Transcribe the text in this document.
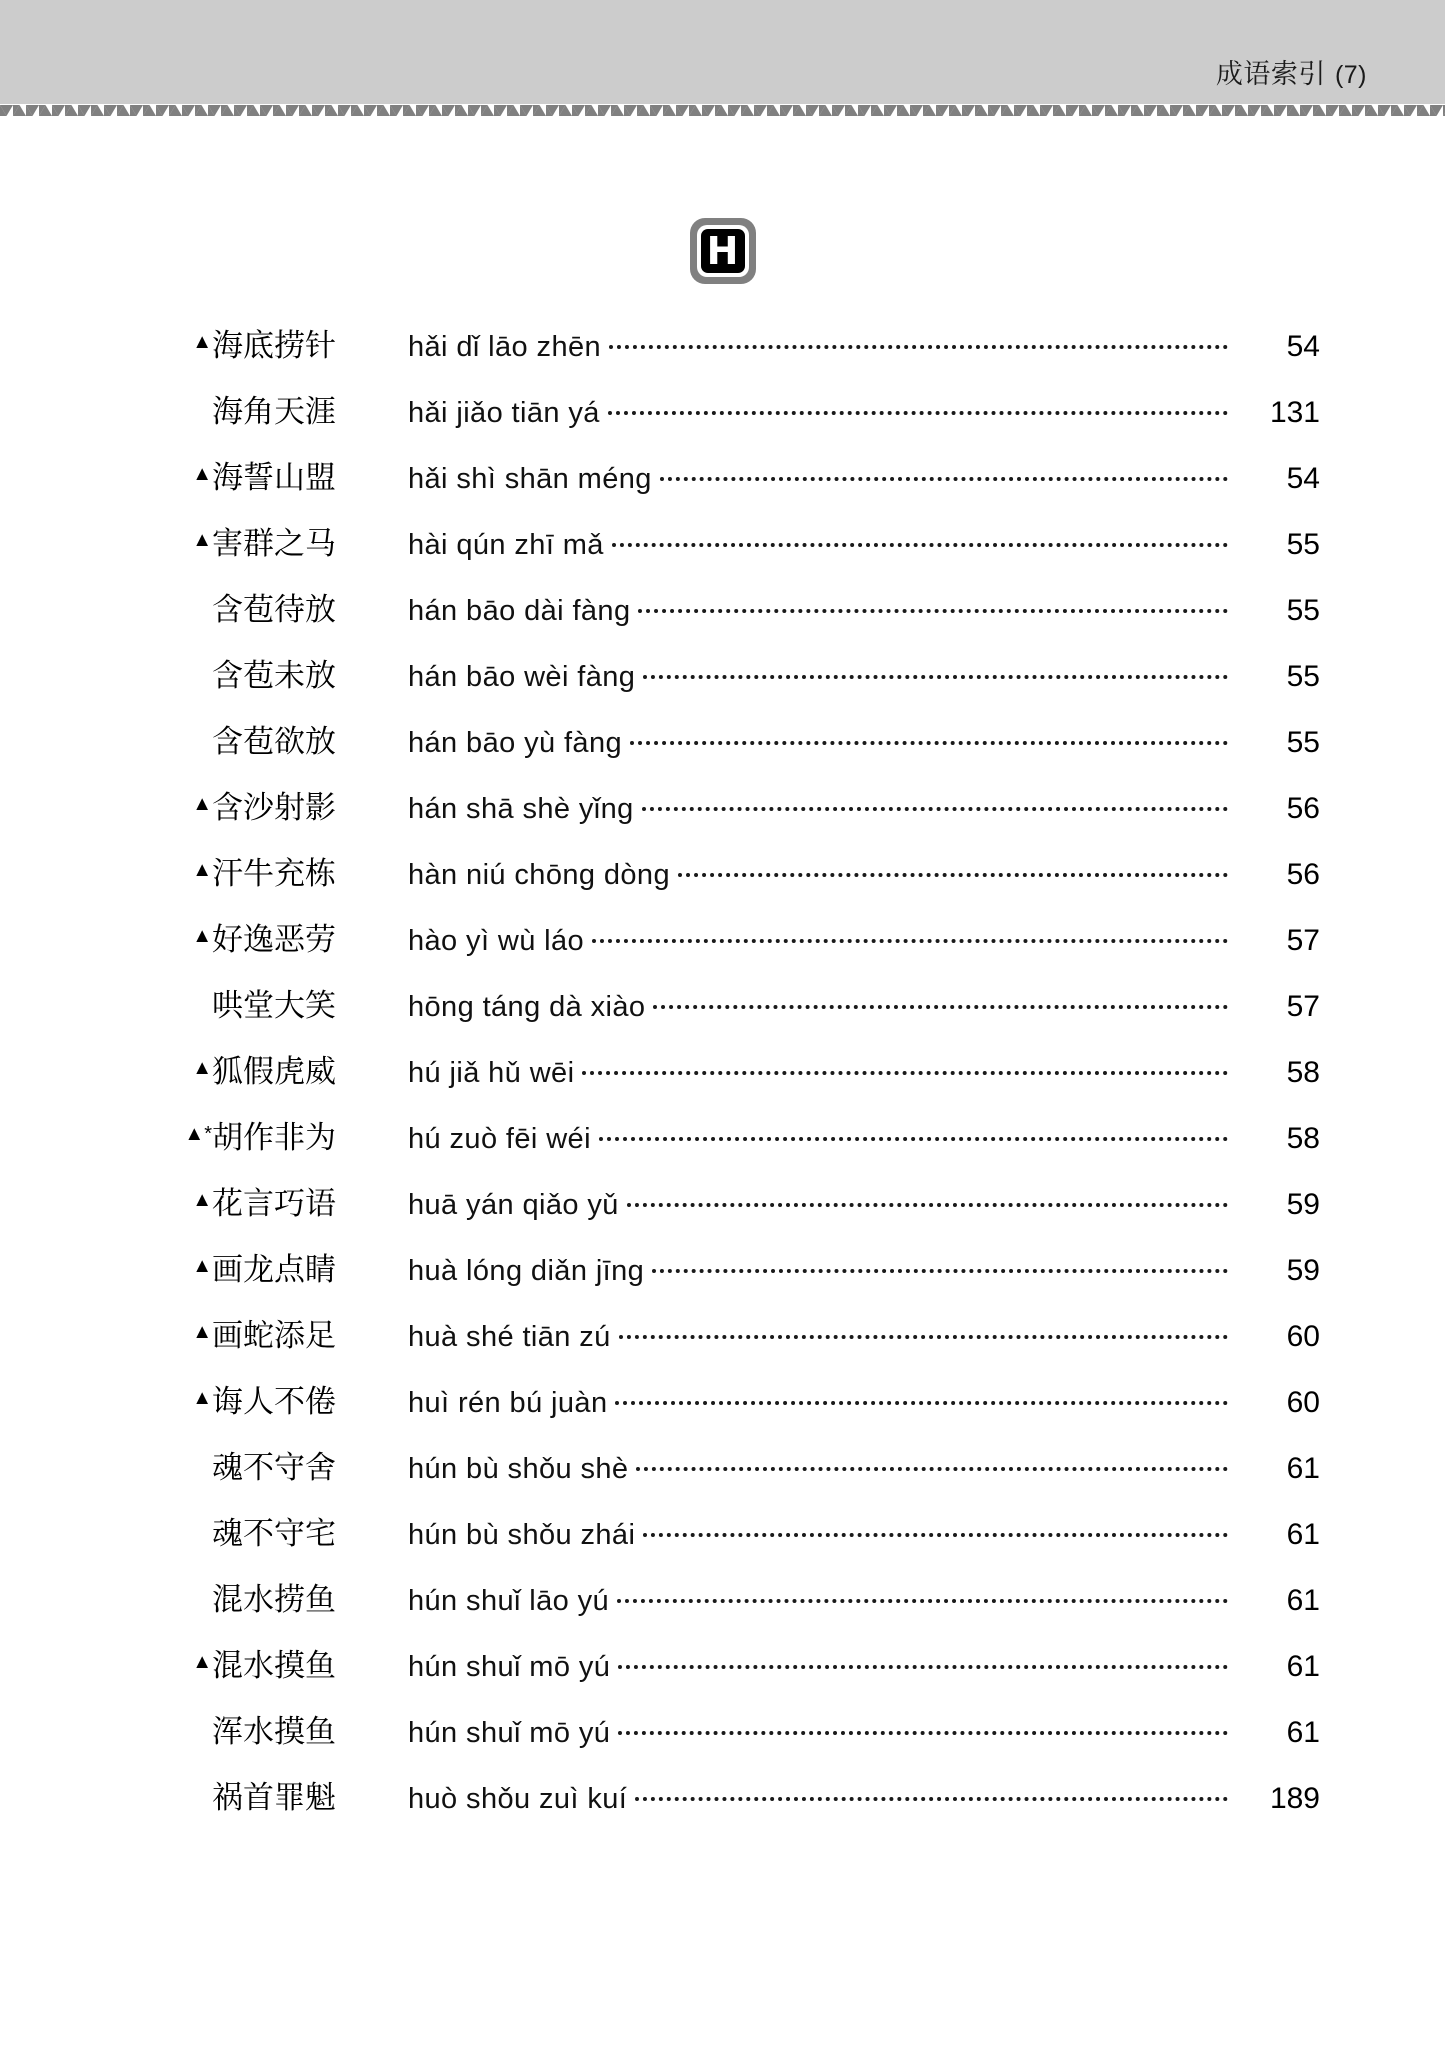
成语索引 (7)
H
▲ 海底捞针	hǎi dǐ lāo zhēn	54
海角天涯	hǎi jiǎo tiān yá	131
▲ 海誓山盟	hǎi shì shān méng	54
▲ 害群之马	hài qún zhī mǎ	55
含苞待放	hán bāo dài fàng	55
含苞未放	hán bāo wèi fàng	55
含苞欲放	hán bāo yù fàng	55
▲ 含沙射影	hán shā shè yǐng	56
▲ 汗牛充栋	hàn niú chōng dòng	56
▲ 好逸恶劳	hào yì wù láo	57
哄堂大笑	hōng táng dà xiào	57
▲ 狐假虎威	hú jiǎ hǔ wēi	58
▲* 胡作非为	hú zuò fēi wéi	58
▲ 花言巧语	huā yán qiǎo yǔ	59
▲ 画龙点睛	huà lóng diǎn jīng	59
▲ 画蛇添足	huà shé tiān zú	60
▲ 诲人不倦	huì rén bú juàn	60
魂不守舍	hún bù shǒu shè	61
魂不守宅	hún bù shǒu zhái	61
混水捞鱼	hún shuǐ lāo yú	61
▲ 混水摸鱼	hún shuǐ mō yú	61
浑水摸鱼	hún shuǐ mō yú	61
祸首罪魁	huò shǒu zuì kuí	189
